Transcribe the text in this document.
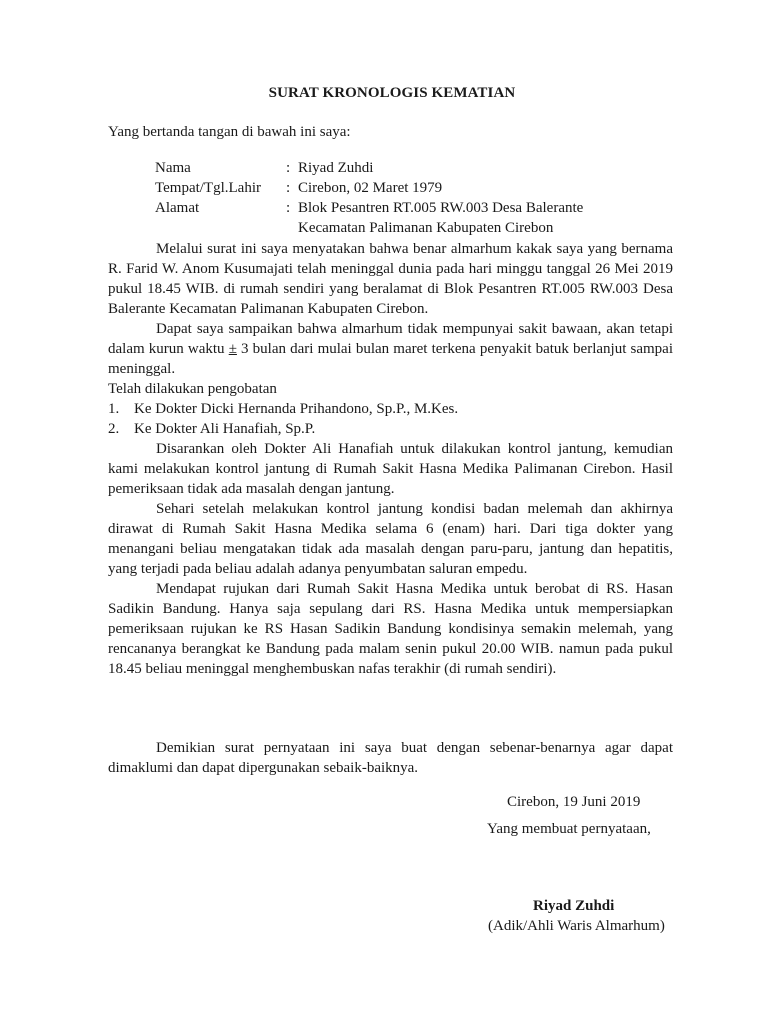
SURAT KRONOLOGIS KEMATIAN
Yang bertanda tangan di bawah ini saya:
Nama	: Riyad Zuhdi
Tempat/Tgl.Lahir	: Cirebon, 02 Maret 1979
Alamat	: Blok Pesantren RT.005 RW.003 Desa Balerante
Kecamatan Palimanan Kabupaten Cirebon

Melalui surat ini saya menyatakan bahwa benar almarhum kakak saya yang bernama R. Farid W. Anom Kusumajati telah meninggal dunia pada hari minggu tanggal 26 Mei 2019 pukul 18.45 WIB. di rumah sendiri yang beralamat di Blok Pesantren RT.005 RW.003 Desa Balerante Kecamatan Palimanan Kabupaten Cirebon.

Dapat saya sampaikan bahwa almarhum tidak mempunyai sakit bawaan, akan tetapi dalam kurun waktu ± 3 bulan dari mulai bulan maret terkena penyakit batuk berlanjut sampai meninggal.

Telah dilakukan pengobatan

1. Ke Dokter Dicki Hernanda Prihandono, Sp.P., M.Kes.
2. Ke Dokter Ali Hanafiah, Sp.P.

Disarankan oleh Dokter Ali Hanafiah untuk dilakukan kontrol jantung, kemudian kami melakukan kontrol jantung di Rumah Sakit Hasna Medika Palimanan Cirebon. Hasil pemeriksaan tidak ada masalah dengan jantung.

Sehari setelah melakukan kontrol jantung kondisi badan melemah dan akhirnya dirawat di Rumah Sakit Hasna Medika selama 6 (enam) hari. Dari tiga dokter yang menangani beliau mengatakan tidak ada masalah dengan paru-paru, jantung dan hepatitis, yang terjadi pada beliau adalah adanya penyumbatan saluran empedu.

Mendapat rujukan dari Rumah Sakit Hasna Medika untuk berobat di RS. Hasan Sadikin Bandung. Hanya saja sepulang dari RS. Hasna Medika untuk mempersiapkan pemeriksaan rujukan ke RS Hasan Sadikin Bandung kondisinya semakin melemah, yang rencananya berangkat ke Bandung pada malam senin pukul 20.00 WIB. namun pada pukul 18.45 beliau meninggal menghembuskan nafas terakhir (di rumah sendiri).

Demikian surat pernyataan ini saya buat dengan sebenar-benarnya agar dapat dimaklumi dan dapat dipergunakan sebaik-baiknya.

Cirebon, 19 Juni 2019
Yang membuat pernyataan,
Riyad Zuhdi
(Adik/Ahli Waris Almarhum)
